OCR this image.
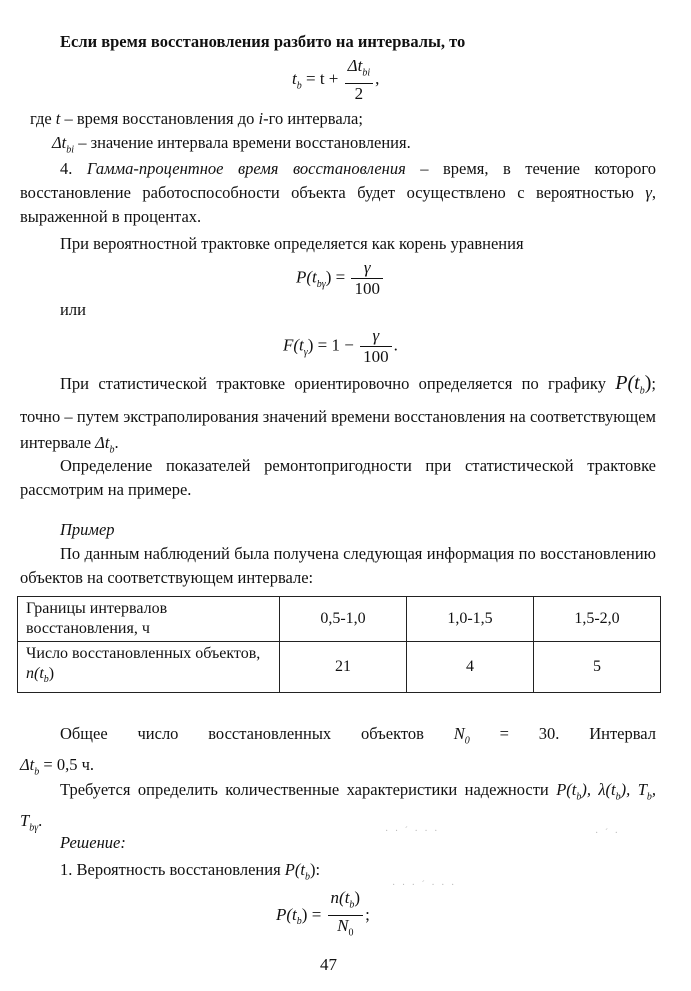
Если время восстановления разбито на интервалы, то

$t_b = t + \frac{\Delta t_{bi}}{2}$ ,

где t – время восстановления до i-го интервала;

$\Delta t_{bi}$ – значение интервала времени восстановления.

4. Гамма-процентное время восстановления – время, в течение которого восстановление работоспособности объекта будет осуществлено с вероятностью γ, выраженной в процентах.

При вероятностной трактовке определяется как корень уравнения

$P(t_{b\gamma}) = \frac{\gamma}{100}$

или

$F(t_\gamma) = 1 - \frac{\gamma}{100}$ .

При статистической трактовке ориентировочно определяется по графику $P(t_b)$; точно – путем экстраполирования значений времени восстановления на соответствующем интервале $\Delta t_b$.

Определение показателей ремонтопригодности при статистической трактовке рассмотрим на примере.

Пример

По данным наблюдений была получена следующая информация по восстановлению объектов на соответствующем интервале:

Границы интервалов восстановления, ч	0,5-1,0	1,0-1,5	1,5-2,0
Число восстановленных объектов, $n(t_b)$	21	4	5

Общее число восстановленных объектов $N_0 = 30$. Интервал $\Delta t_b = 0,5$ ч.

Требуется определить количественные характеристики надежности $P(t_b)$, $\lambda(t_b)$, $T_b$, $T_{b\gamma}$.

Решение:

1. Вероятность восстановления $P(t_b)$:

$P(t_b) = \frac{n(t_b)}{N_0}$ ;
47
· · ´ · · ·	· ´ ·
· · · ´ · · ·
